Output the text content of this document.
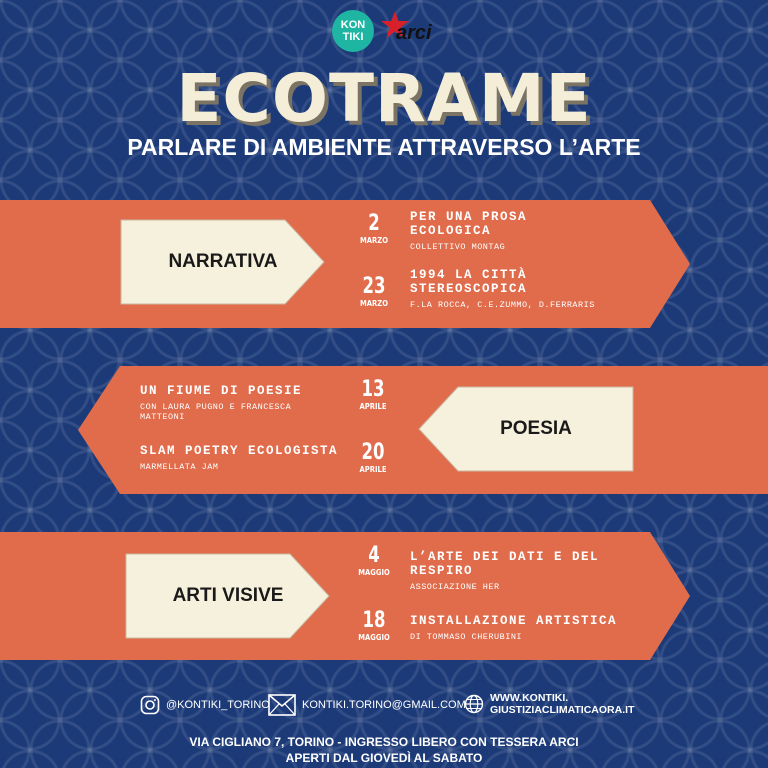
KON
TIKI arci
ECOTRAME
PARLARE DI AMBIENTE ATTRAVERSO L’ARTE
NARRATIVA
2
MARZO
PER UNA PROSA ECOLOGICA
COLLETTIVO MONTAG
23
MARZO
1994 LA CITTÀ STEREOSCOPICA
F.LA ROCCA, C.E.ZUMMO, D.FERRARIS
13
APRILE
UN FIUME DI POESIE
CON LAURA PUGNO E FRANCESCA MATTEONI
20
APRILE
SLAM POETRY ECOLOGISTA
MARMELLATA JAM
POESIA
ARTI VISIVE
4
MAGGIO
L’ARTE DEI DATI E DEL RESPIRO
ASSOCIAZIONE HER
18
MAGGIO
INSTALLAZIONE ARTISTICA
DI TOMMASO CHERUBINI
@KONTIKI_TORINO	KONTIKI.TORINO@GMAIL.COM
WWW.KONTIKI.
GIUSTIZIACLIMATICAORA.IT
VIA CIGLIANO 7, TORINO - INGRESSO LIBERO CON TESSERA ARCI
APERTI DAL GIOVEDÌ AL SABATO
